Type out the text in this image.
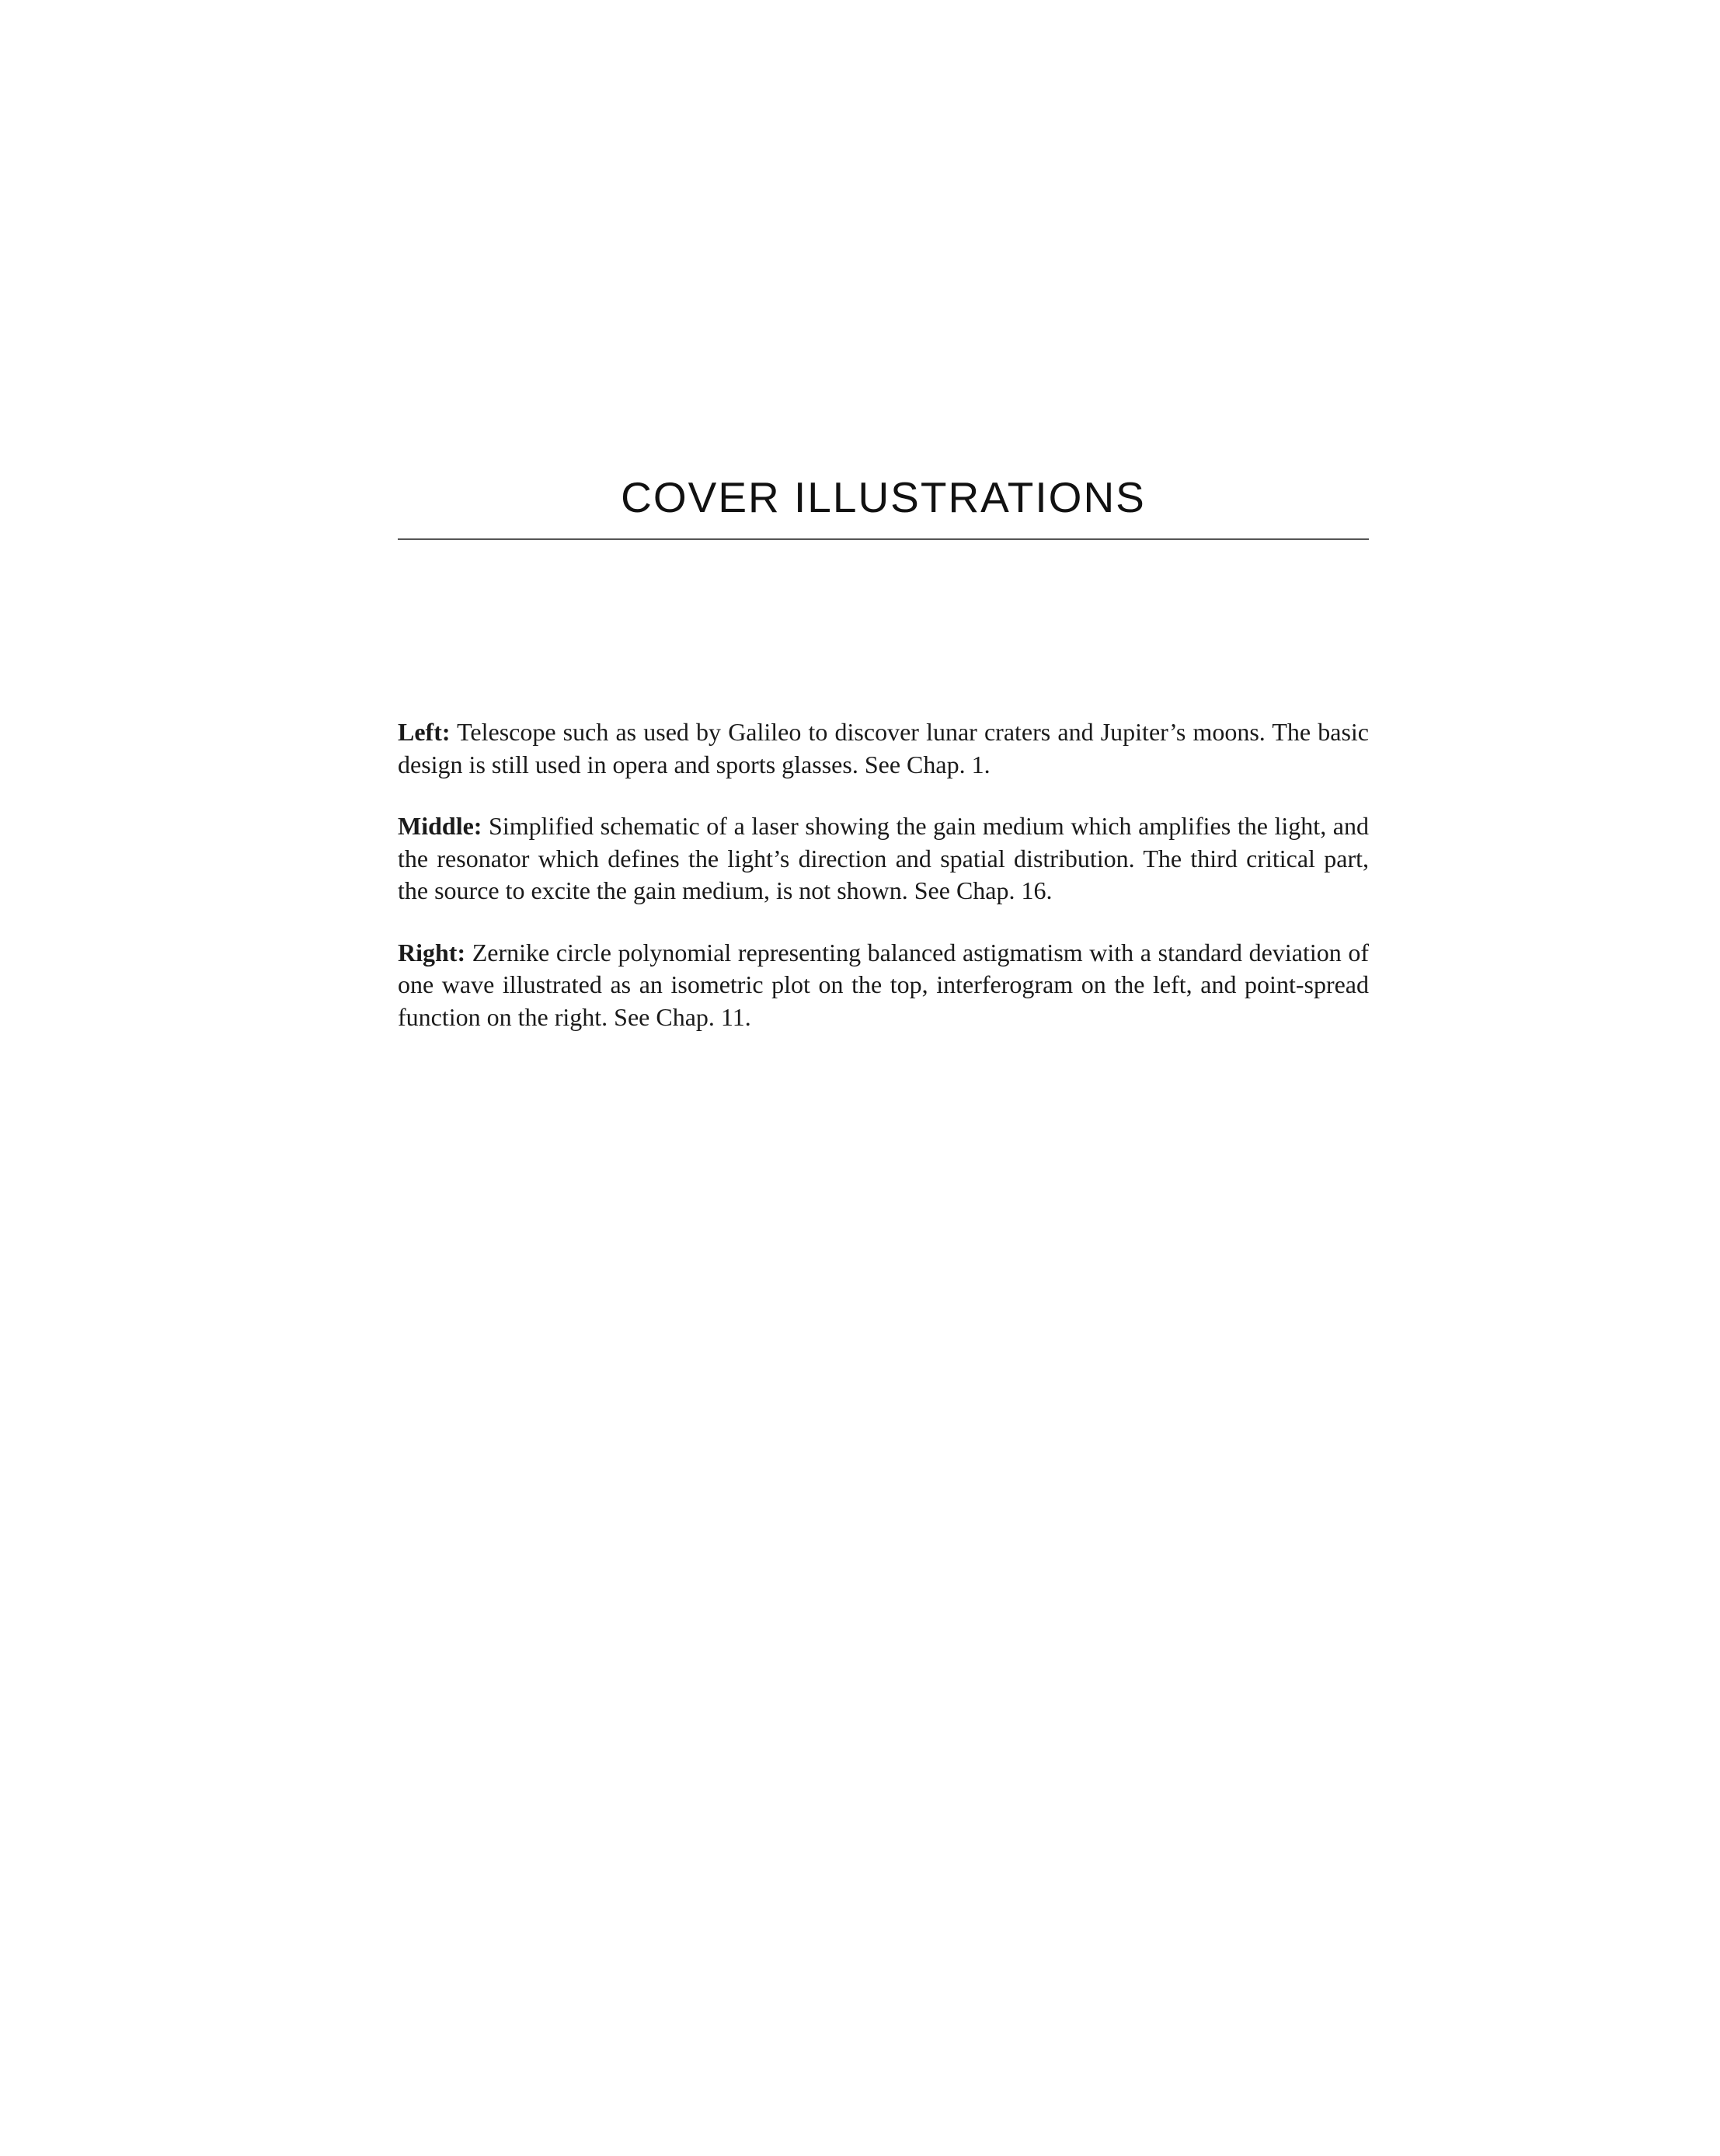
COVER ILLUSTRATIONS

Left: Telescope such as used by Galileo to discover lunar craters and Jupiter’s moons. The basic design is still used in opera and sports glasses. See Chap. 1.

Middle: Simplified schematic of a laser showing the gain medium which amplifies the light, and the resonator which defines the light’s direction and spatial distribution. The third critical part, the source to excite the gain medium, is not shown. See Chap. 16.

Right: Zernike circle polynomial representing balanced astigmatism with a standard deviation of one wave illustrated as an isometric plot on the top, interferogram on the left, and point-spread function on the right. See Chap. 11.
